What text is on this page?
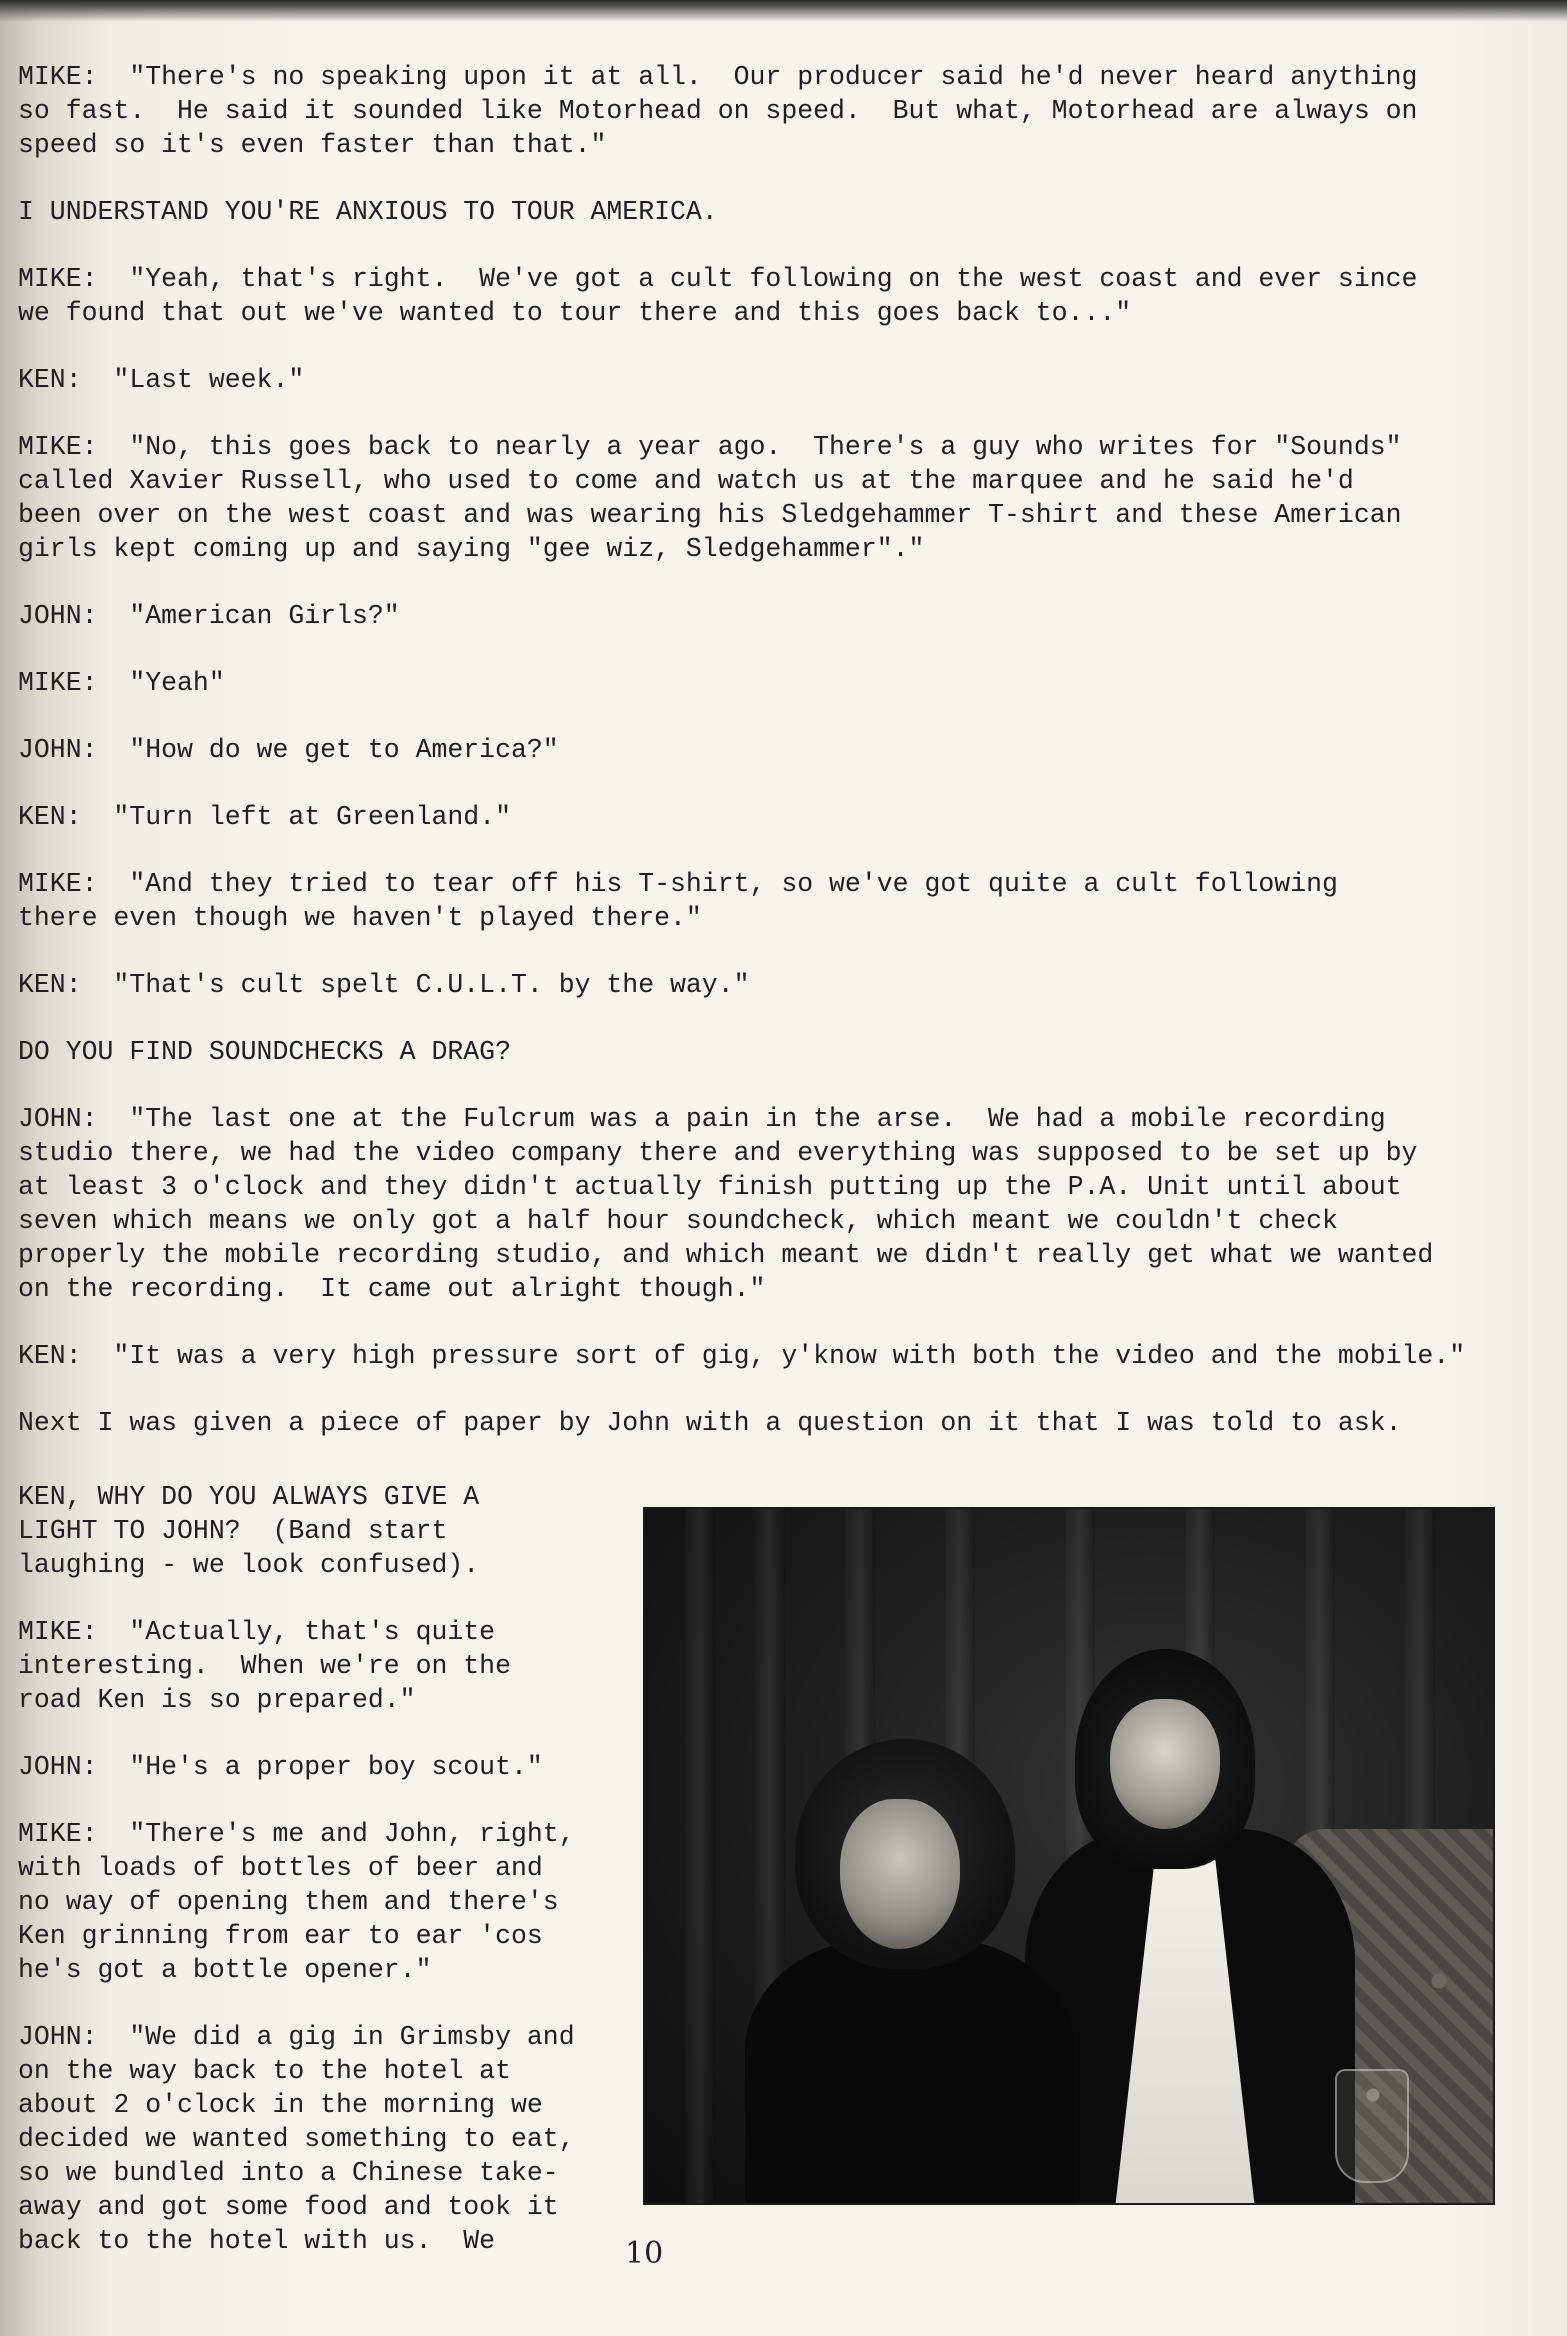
MIKE:  "There's no speaking upon it at all.  Our producer said he'd never heard anything
so fast.  He said it sounded like Motorhead on speed.  But what, Motorhead are always on
speed so it's even faster than that."
I UNDERSTAND YOU'RE ANXIOUS TO TOUR AMERICA.
MIKE:  "Yeah, that's right.  We've got a cult following on the west coast and ever since
we found that out we've wanted to tour there and this goes back to..."
KEN:  "Last week."
MIKE:  "No, this goes back to nearly a year ago.  There's a guy who writes for "Sounds"
called Xavier Russell, who used to come and watch us at the marquee and he said he'd
been over on the west coast and was wearing his Sledgehammer T-shirt and these American
girls kept coming up and saying "gee wiz, Sledgehammer"."
JOHN:  "American Girls?"
MIKE:  "Yeah"
JOHN:  "How do we get to America?"
KEN:  "Turn left at Greenland."
MIKE:  "And they tried to tear off his T-shirt, so we've got quite a cult following
there even though we haven't played there."
KEN:  "That's cult spelt C.U.L.T. by the way."
DO YOU FIND SOUNDCHECKS A DRAG?
JOHN:  "The last one at the Fulcrum was a pain in the arse.  We had a mobile recording
studio there, we had the video company there and everything was supposed to be set up by
at least 3 o'clock and they didn't actually finish putting up the P.A. Unit until about
seven which means we only got a half hour soundcheck, which meant we couldn't check
properly the mobile recording studio, and which meant we didn't really get what we wanted
on the recording.  It came out alright though."
KEN:  "It was a very high pressure sort of gig, y'know with both the video and the mobile."
Next I was given a piece of paper by John with a question on it that I was told to ask.
KEN, WHY DO YOU ALWAYS GIVE A
LIGHT TO JOHN?  (Band start
laughing - we look confused).
MIKE:  "Actually, that's quite
interesting.  When we're on the
road Ken is so prepared."
JOHN:  "He's a proper boy scout."
MIKE:  "There's me and John, right,
with loads of bottles of beer and
no way of opening them and there's
Ken grinning from ear to ear 'cos
he's got a bottle opener."
JOHN:  "We did a gig in Grimsby and
on the way back to the hotel at
about 2 o'clock in the morning we
decided we wanted something to eat,
so we bundled into a Chinese take-
away and got some food and took it
back to the hotel with us.  We	10
